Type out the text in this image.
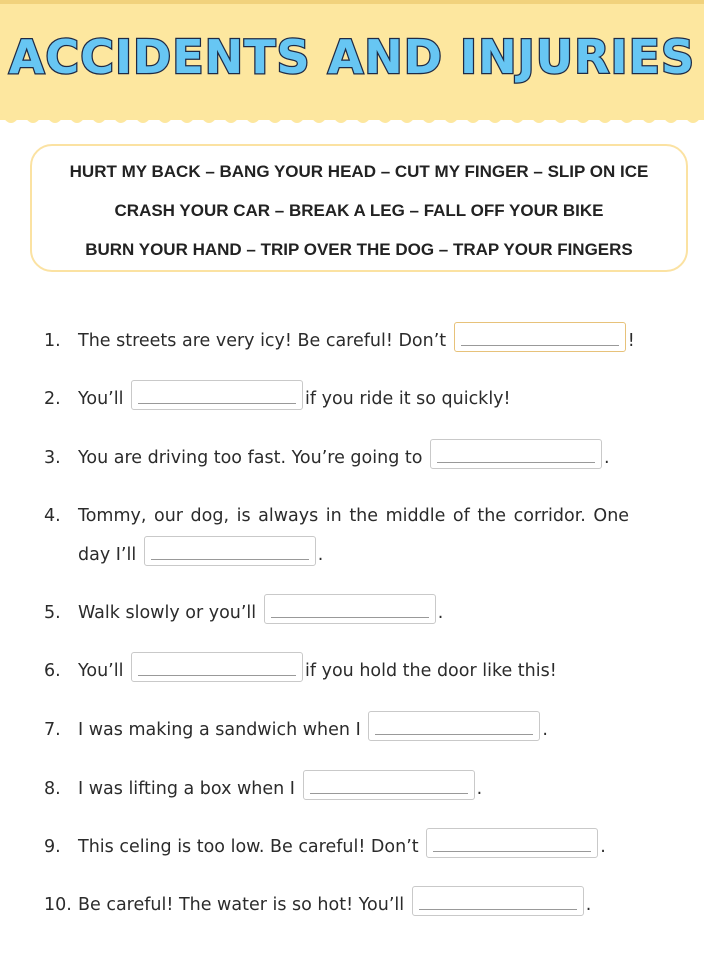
ACCIDENTS AND INJURIES
HURT MY BACK – BANG YOUR HEAD – CUT MY FINGER – SLIP ON ICE
CRASH YOUR CAR – BREAK A LEG – FALL OFF YOUR BIKE
BURN YOUR HAND – TRIP OVER THE DOG – TRAP YOUR FINGERS
1. The streets are very icy! Be careful! Don’t	!
2. You’ll	if you ride it so quickly!
3. You are driving too fast. You’re going to	.
4. Tommy, our dog, is always in the middle of the corridor. One
day I’ll	.
5. Walk slowly or you’ll	.
6. You’ll	if you hold the door like this!
7. I was making a sandwich when I	.
8. I was lifting a box when I	.
9. This celing is too low. Be careful! Don’t	.
10. Be careful! The water is so hot! You’ll	.
